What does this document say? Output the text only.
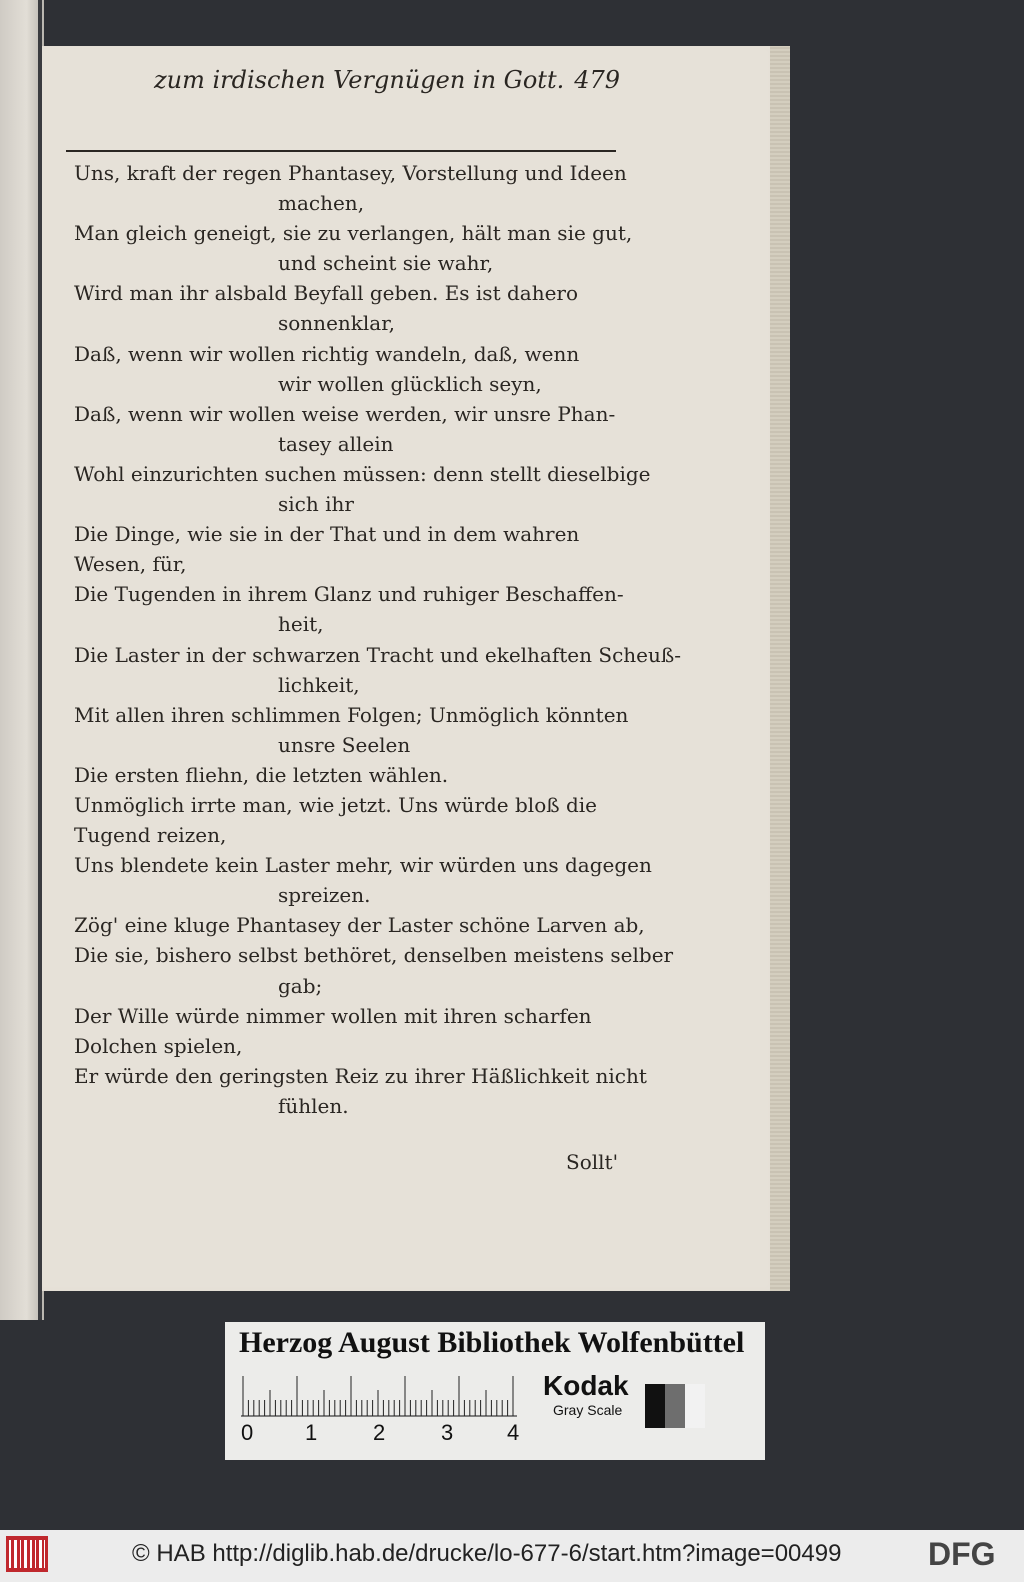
zum irdischen Vergnügen in Gott. 479
Uns, kraft der regen Phantasey, Vorstellung und Ideen
machen,
Man gleich geneigt, sie zu verlangen, hält man sie gut,
und scheint sie wahr,
Wird man ihr alsbald Beyfall geben. Es ist dahero
sonnenklar,
Daß, wenn wir wollen richtig wandeln, daß, wenn
wir wollen glücklich seyn,
Daß, wenn wir wollen weise werden, wir unsre Phan-
tasey allein
Wohl einzurichten suchen müssen: denn stellt dieselbige
sich ihr
Die Dinge, wie sie in der That und in dem wahren
Wesen, für,
Die Tugenden in ihrem Glanz und ruhiger Beschaffen-
heit,
Die Laster in der schwarzen Tracht und ekelhaften Scheuß-
lichkeit,
Mit allen ihren schlimmen Folgen; Unmöglich könnten
unsre Seelen
Die ersten fliehn, die letzten wählen.
Unmöglich irrte man, wie jetzt. Uns würde bloß die
Tugend reizen,
Uns blendete kein Laster mehr, wir würden uns dagegen
spreizen.
Zög' eine kluge Phantasey der Laster schöne Larven ab,
Die sie, bishero selbst bethöret, denselben meistens selber
gab;
Der Wille würde nimmer wollen mit ihren scharfen
Dolchen spielen,
Er würde den geringsten Reiz zu ihrer Häßlichkeit nicht
fühlen.
Sollt'
Herzog August Bibliothek Wolfenbüttel
0 1	2	3 4
Kodak
Gray Scale
© HAB http://diglib.hab.de/drucke/lo-677-6/start.htm?image=00499	DFG
